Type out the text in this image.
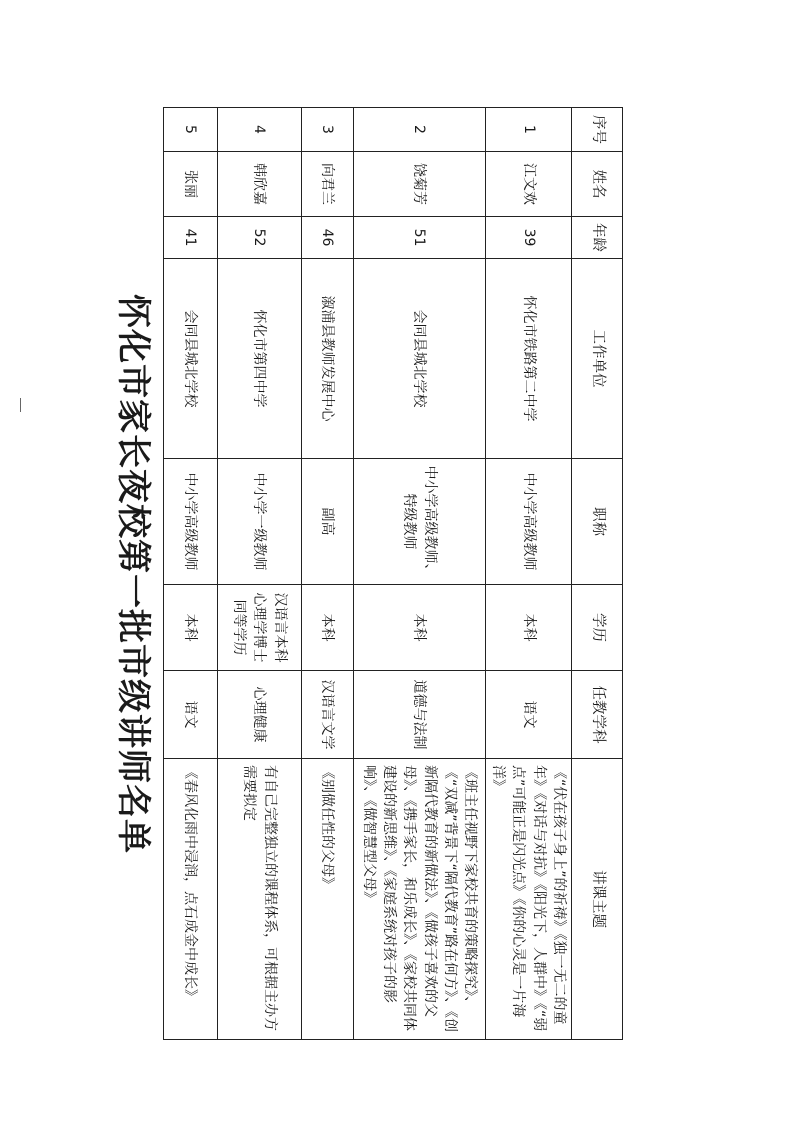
怀化市家长夜校第一批市级讲师名单
序号	姓名	年龄	工作单位	职称	学历	任教学科	讲课主题
1	江文欢	39	怀化市铁路第二中学	中小学高级教师	本科	语文	《“伏在孩子身上”的祈祷》《独一无二的童年》《对话与对抗》《阳光下，人群中》《“弱点”可能正是闪光点》《你的心灵是一片海洋》
2	饶菊芳	51	会同县城北学校	中小学高级教师、特级教师	本科	道德与法制	《班主任视野下家校共育的策略探究》、《“双减”背景下“隔代教育”路在何方》、《创新隔代教育的新做法》、《做孩子喜欢的父母》、《携手家长，和乐成长》、《家校共同体建设的新思维》、《家庭系统对孩子的影响》、《做智慧型父母》
3	向君兰	46	溆浦县教师发展中心	副高	本科	汉语言文学	《别做任性的父母》
4	韩欣嘉	52	怀化市第四中学	中小学一级教师	汉语言本科心理学博士同等学历	心理健康	有自己完整独立的课程体系，可根据主办方需要拟定
5	张丽	41	会同县城北学校	中小学高级教师	本科	语文	《春风化雨中浸润，点石成金中成长》
